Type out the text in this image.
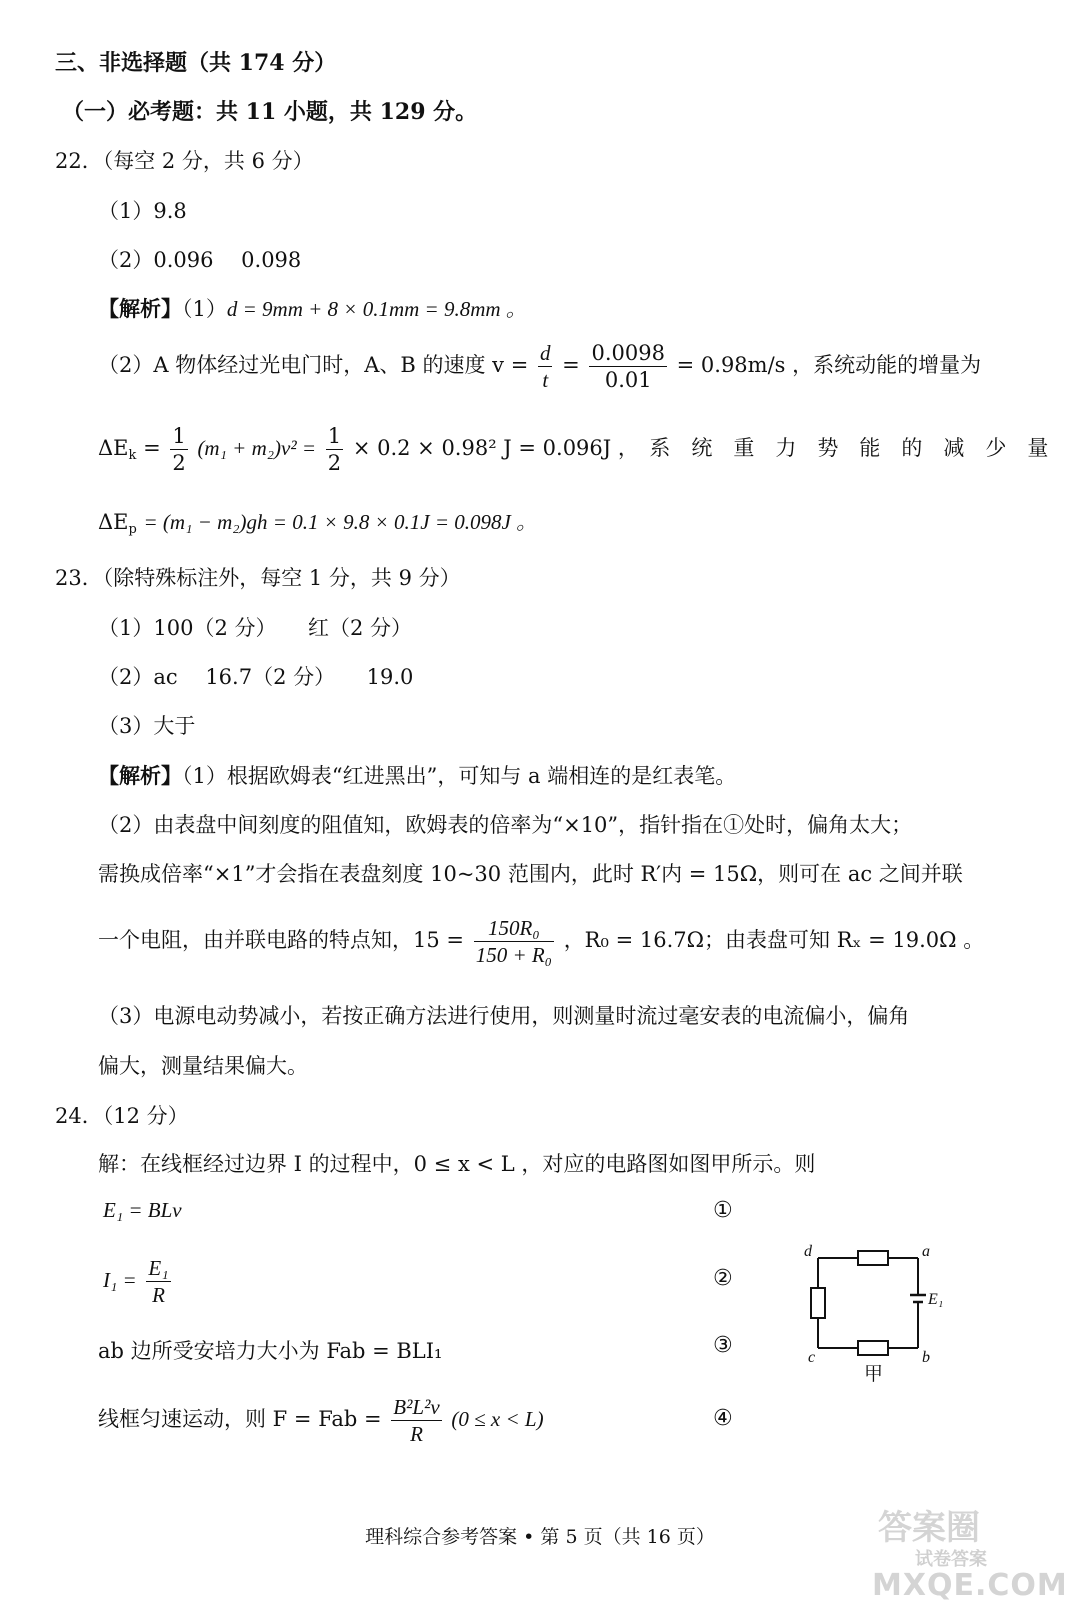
三、非选择题（共 174 分）
（一）必考题：共 11 小题，共 129 分。
22．（每空 2 分，共 6 分）
（1）9.8
（2）0.096　 0.098
【解析】（1）d = 9mm + 8 × 0.1mm = 9.8mm 。
（2）A 物体经过光电门时，A、B 的速度 $v = \frac{d}{t} = \frac{0.0098}{0.01} = 0.98m/s$ ，系统动能的增量为
$\Delta E_k = \frac{1}{2} (m_1 + m_2)v^2 = \frac{1}{2} \times 0.2 \times 0.98^2$ J = 0.096J ，　系　统　重　力　势　能　的　减　少　量
$\Delta E_p = (m_1 - m_2)gh = 0.1 \times 9.8 \times 0.1J = 0.098J$ 。
23．（除特殊标注外，每空 1 分，共 9 分）
（1）100（2 分）　　红（2 分）
（2）ac　 16.7（2 分）　　19.0
（3）大于
【解析】（1）根据欧姆表“红进黑出”，可知与 a 端相连的是红表笔。
（2）由表盘中间刻度的阻值知，欧姆表的倍率为“×10”，指针指在①处时，偏角太大；
需换成倍率“×1”才会指在表盘刻度 10~30 范围内，此时 R′内 = 15Ω，则可在 ac 之间并联
一个电阻，由并联电路的特点知，$15 = \frac{\text{150R₀}}{\text{150 + R₀}}$ ，R₀ = 16.7Ω；由表盘可知 Rₓ = 19.0Ω 。
（3）电源电动势减小，若按正确方法进行使用，则测量时流过毫安表的电流偏小，偏角
偏大，测量结果偏大。
24．（12 分）
解：在线框经过边界 I 的过程中，0 ≤ x < L ，对应的电路图如图甲所示。则
E₁ = BLv	①
$I_1 = \frac{\text{E₁}}{R}$	②
ab 边所受安培力大小为 Fab = BLI₁	③
线框匀速运动，则 F = Fab = $\frac{\text{B²L²v}}{R} (0 \le x < L)$	④
d	a
c	b
E₁
甲
理科综合参考答案 • 第 5 页（共 16 页）	答案圈
试卷答案
MXQE.COM
